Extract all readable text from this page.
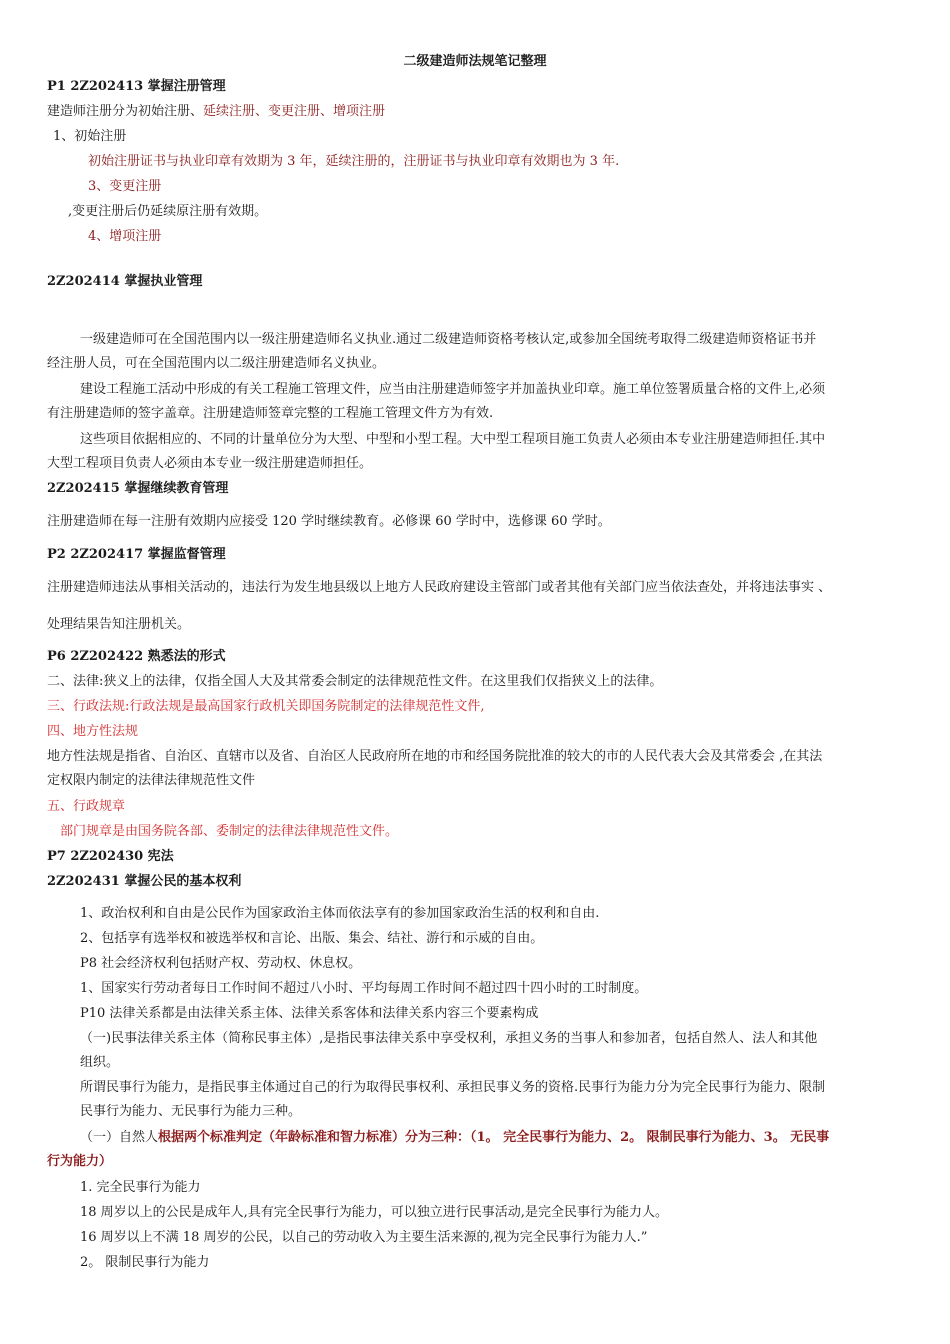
二级建造师法规笔记整理
P1 2Z202413 掌握注册管理
建造师注册分为初始注册、延续注册、变更注册、增项注册
1、初始注册
初始注册证书与执业印章有效期为 3 年，延续注册的，注册证书与执业印章有效期也为 3 年.
3、变更注册
,变更注册后仍延续原注册有效期。
4、增项注册
2Z202414 掌握执业管理
一级建造师可在全国范围内以一级注册建造师名义执业.通过二级建造师资格考核认定,或参加全国统考取得二级建造师资格证书并
经注册人员，可在全国范围内以二级注册建造师名义执业。
建设工程施工活动中形成的有关工程施工管理文件，应当由注册建造师签字并加盖执业印章。施工单位签署质量合格的文件上,必须
有注册建造师的签字盖章。注册建造师签章完整的工程施工管理文件方为有效.
这些项目依据相应的、不同的计量单位分为大型、中型和小型工程。大中型工程项目施工负责人必须由本专业注册建造师担任.其中
大型工程项目负责人必须由本专业一级注册建造师担任。
2Z202415 掌握继续教育管理
注册建造师在每一注册有效期内应接受 120 学时继续教育。必修课 60 学时中，选修课 60 学时。
P2 2Z202417 掌握监督管理
注册建造师违法从事相关活动的，违法行为发生地县级以上地方人民政府建设主管部门或者其他有关部门应当依法查处，并将违法事实 、
处理结果告知注册机关。
P6 2Z202422 熟悉法的形式
二、法律:狭义上的法律，仅指全国人大及其常委会制定的法律规范性文件。在这里我们仅指狭义上的法律。
三、行政法规:行政法规是最高国家行政机关即国务院制定的法律规范性文件,
四、地方性法规
地方性法规是指省、自治区、直辖市以及省、自治区人民政府所在地的市和经国务院批准的较大的市的人民代表大会及其常委会 ,在其法
定权限内制定的法律法律规范性文件
五、行政规章
部门规章是由国务院各部、委制定的法律法律规范性文件。
P7 2Z202430 宪法
2Z202431 掌握公民的基本权利
1、政治权利和自由是公民作为国家政治主体而依法享有的参加国家政治生活的权利和自由.
2、包括享有选举权和被选举权和言论、出版、集会、结社、游行和示威的自由。
P8 社会经济权利包括财产权、劳动权、休息权。
1、国家实行劳动者每日工作时间不超过八小时、平均每周工作时间不超过四十四小时的工时制度。
P10 法律关系都是由法律关系主体、法律关系客体和法律关系内容三个要素构成
（一)民事法律关系主体（简称民事主体）,是指民事法律关系中享受权利，承担义务的当事人和参加者，包括自然人、法人和其他
组织。
所谓民事行为能力，是指民事主体通过自己的行为取得民事权利、承担民事义务的资格.民事行为能力分为完全民事行为能力、限制
民事行为能力、无民事行为能力三种。
（一）自然人根据两个标准判定（年龄标准和智力标准）分为三种：（1。 完全民事行为能力、2。 限制民事行为能力、3。 无民事
行为能力）
1. 完全民事行为能力
18 周岁以上的公民是成年人,具有完全民事行为能力，可以独立进行民事活动,是完全民事行为能力人。
16 周岁以上不满 18 周岁的公民，以自己的劳动收入为主要生活来源的,视为完全民事行为能力人.”
2。 限制民事行为能力
